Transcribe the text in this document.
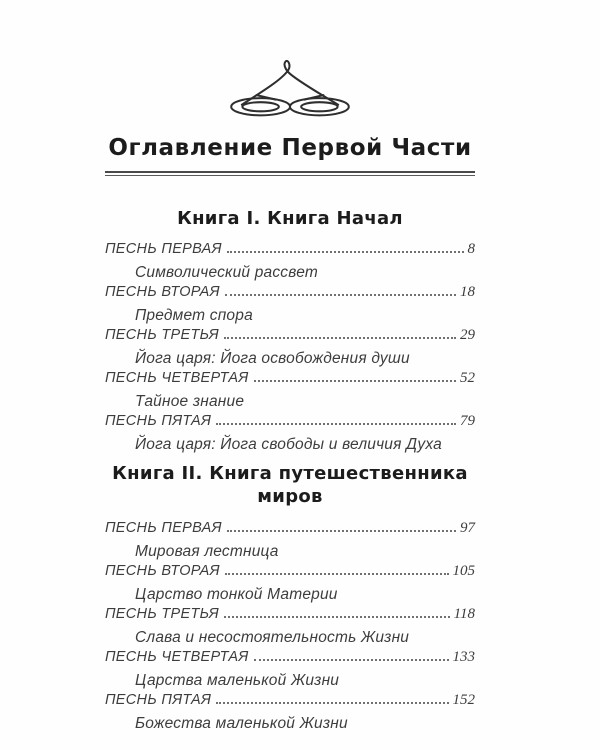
Оглавление Первой Части
Книга I. Книга Начал
ПЕСНЬ ПЕРВАЯ	8
Символический рассвет
ПЕСНЬ ВТОРАЯ	18
Предмет спора
ПЕСНЬ ТРЕТЬЯ	29
Йога царя: Йога освобождения души
ПЕСНЬ ЧЕТВЕРТАЯ	52
Тайное знание
ПЕСНЬ ПЯТАЯ	79
Йога царя: Йога свободы и величия Духа
Книга II. Книга путешественника миров
ПЕСНЬ ПЕРВАЯ	97
Мировая лестница
ПЕСНЬ ВТОРАЯ	105
Царство тонкой Материи
ПЕСНЬ ТРЕТЬЯ	118
Слава и несостоятельность Жизни
ПЕСНЬ ЧЕТВЕРТАЯ	133
Царства маленькой Жизни
ПЕСНЬ ПЯТАЯ	152
Божества маленькой Жизни
